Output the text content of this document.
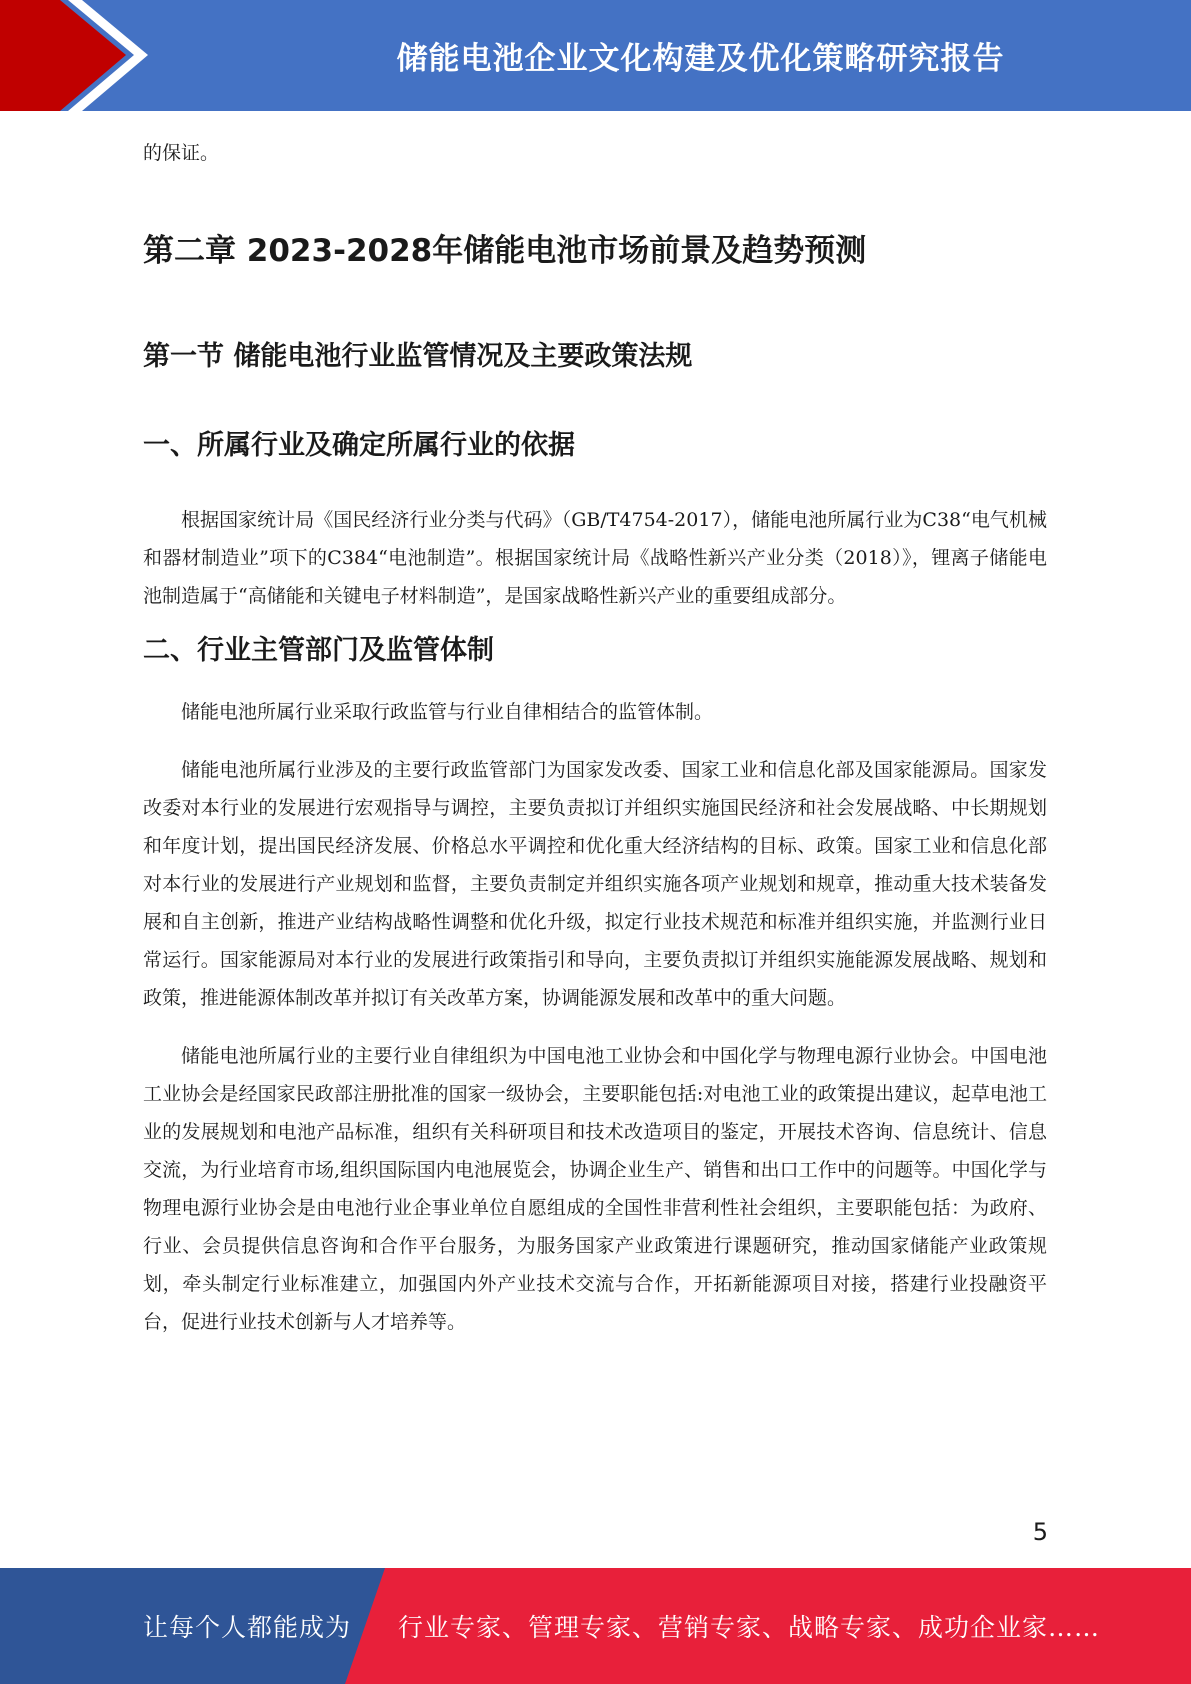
储能电池企业文化构建及优化策略研究报告

的保证。

第二章 2023-2028年储能电池市场前景及趋势预测
第一节 储能电池行业监管情况及主要政策法规
一、所属行业及确定所属行业的依据

根据国家统计局《国民经济行业分类与代码》（GB/T4754-2017），储能电池所属行业为C38“电气机械和器材制造业”项下的C384“电池制造”。根据国家统计局《战略性新兴产业分类（2018）》，锂离子储能电池制造属于“高储能和关键电子材料制造”，是国家战略性新兴产业的重要组成部分。

二、行业主管部门及监管体制

储能电池所属行业采取行政监管与行业自律相结合的监管体制。

储能电池所属行业涉及的主要行政监管部门为国家发改委、国家工业和信息化部及国家能源局。国家发改委对本行业的发展进行宏观指导与调控，主要负责拟订并组织实施国民经济和社会发展战略、中长期规划和年度计划，提出国民经济发展、价格总水平调控和优化重大经济结构的目标、政策。国家工业和信息化部对本行业的发展进行产业规划和监督，主要负责制定并组织实施各项产业规划和规章，推动重大技术装备发展和自主创新，推进产业结构战略性调整和优化升级，拟定行业技术规范和标准并组织实施，并监测行业日常运行。国家能源局对本行业的发展进行政策指引和导向，主要负责拟订并组织实施能源发展战略、规划和政策，推进能源体制改革并拟订有关改革方案，协调能源发展和改革中的重大问题。

储能电池所属行业的主要行业自律组织为中国电池工业协会和中国化学与物理电源行业协会。中国电池工业协会是经国家民政部注册批准的国家一级协会，主要职能包括:对电池工业的政策提出建议，起草电池工业的发展规划和电池产品标准，组织有关科研项目和技术改造项目的鉴定，开展技术咨询、信息统计、信息交流，为行业培育市场,组织国际国内电池展览会，协调企业生产、销售和出口工作中的问题等。中国化学与物理电源行业协会是由电池行业企事业单位自愿组成的全国性非营利性社会组织，主要职能包括：为政府、行业、会员提供信息咨询和合作平台服务，为服务国家产业政策进行课题研究，推动国家储能产业政策规划，牵头制定行业标准建立，加强国内外产业技术交流与合作，开拓新能源项目对接，搭建行业投融资平台，促进行业技术创新与人才培养等。

5
让每个人都能成为 行业专家、管理专家、营销专家、战略专家、成功企业家……
